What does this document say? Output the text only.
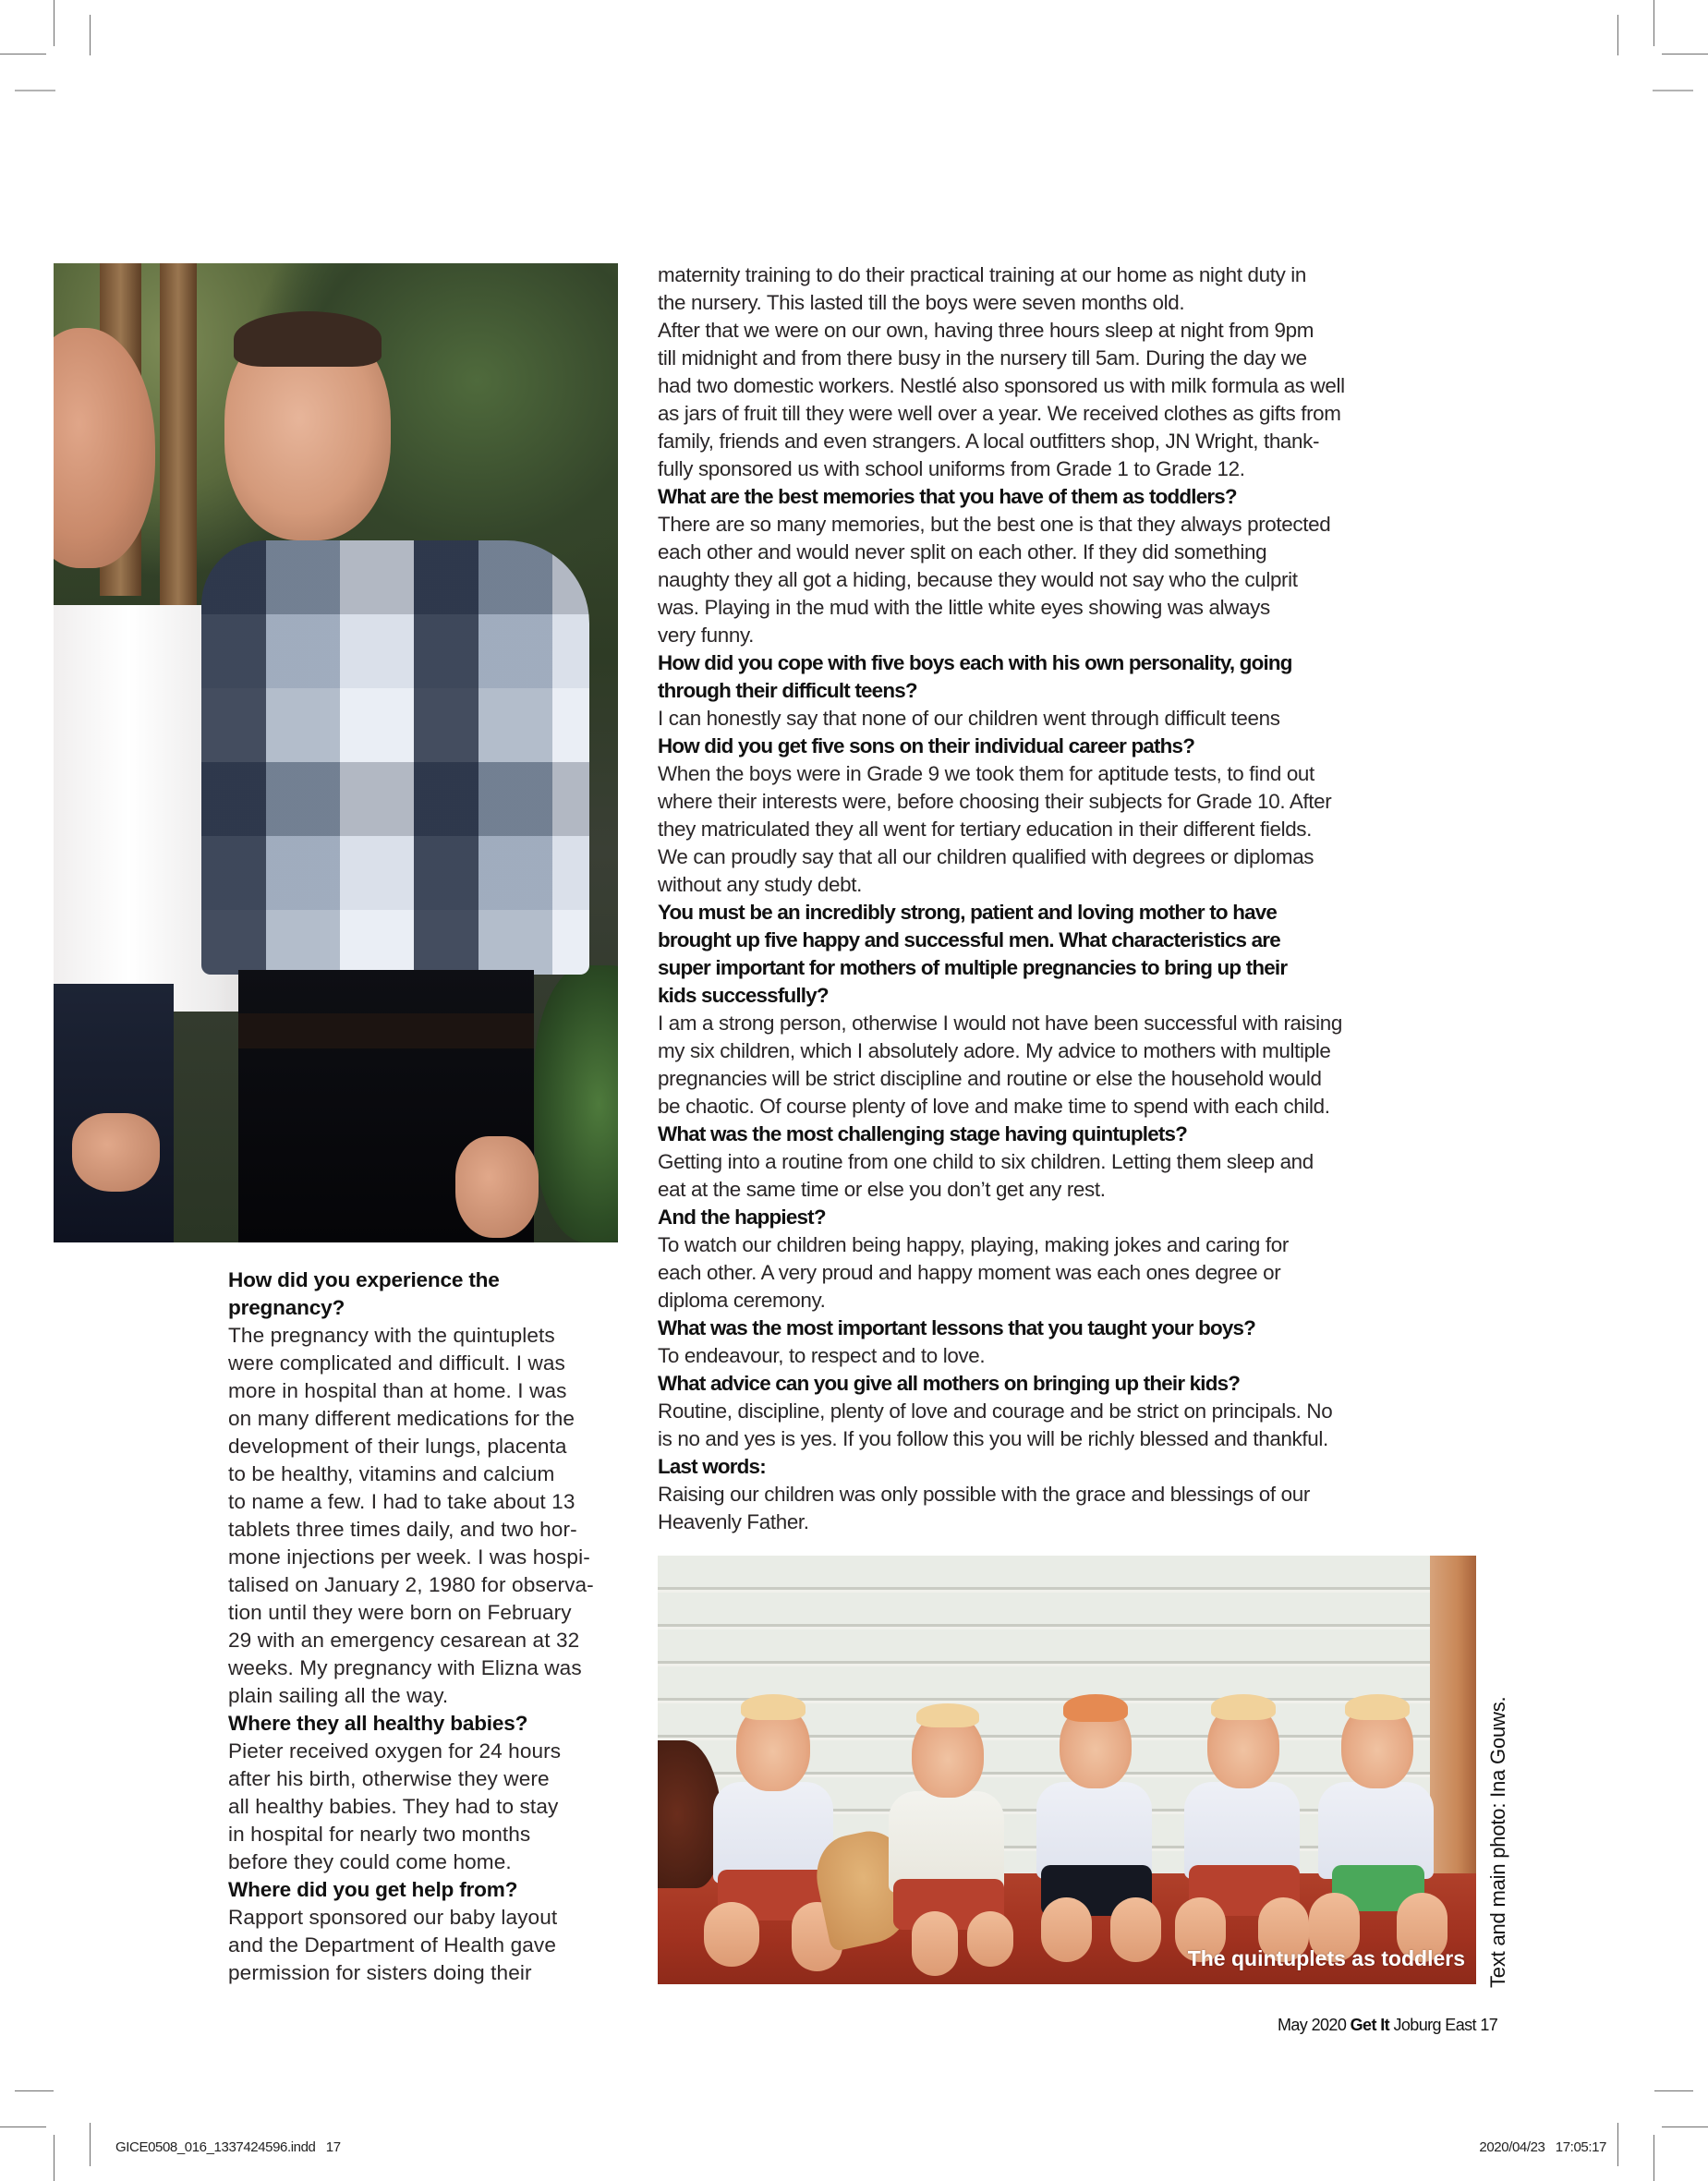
How did you experience the
pregnancy?
The pregnancy with the quintuplets
were complicated and difficult. I was
more in hospital than at home. I was
on many different medications for the
development of their lungs, placenta
to be healthy, vitamins and calcium
to name a few. I had to take about 13
tablets three times daily, and two hor-
mone injections per week. I was hospi-
talised on January 2, 1980 for observa-
tion until they were born on February
29 with an emergency cesarean at 32
weeks. My pregnancy with Elizna was
plain sailing all the way.
Where they all healthy babies?
Pieter received oxygen for 24 hours
after his birth, otherwise they were
all healthy babies. They had to stay
in hospital for nearly two months
before they could come home.
Where did you get help from?
Rapport sponsored our baby layout
and the Department of Health gave
permission for sisters doing their
maternity training to do their practical training at our home as night duty in
the nursery. This lasted till the boys were seven months old.
After that we were on our own, having three hours sleep at night from 9pm
till midnight and from there busy in the nursery till 5am. During the day we
had two domestic workers. Nestlé also sponsored us with milk formula as well
as jars of fruit till they were well over a year. We received clothes as gifts from
family, friends and even strangers. A local outfitters shop, JN Wright, thank-
fully sponsored us with school uniforms from Grade 1 to Grade 12.
What are the best memories that you have of them as toddlers?
There are so many memories, but the best one is that they always protected
each other and would never split on each other. If they did something
naughty they all got a hiding, because they would not say who the culprit
was. Playing in the mud with the little white eyes showing was always
very funny.
How did you cope with five boys each with his own personality, going
through their difficult teens?
I can honestly say that none of our children went through difficult teens
How did you get five sons on their individual career paths?
When the boys were in Grade 9 we took them for aptitude tests, to find out
where their interests were, before choosing their subjects for Grade 10. After
they matriculated they all went for tertiary education in their different fields.
We can proudly say that all our children qualified with degrees or diplomas
without any study debt.
You must be an incredibly strong, patient and loving mother to have
brought up five happy and successful men. What characteristics are
super important for mothers of multiple pregnancies to bring up their
kids successfully?
I am a strong person, otherwise I would not have been successful with raising
my six children, which I absolutely adore. My advice to mothers with multiple
pregnancies will be strict discipline and routine or else the household would
be chaotic. Of course plenty of love and make time to spend with each child.
What was the most challenging stage having quintuplets?
Getting into a routine from one child to six children. Letting them sleep and
eat at the same time or else you don’t get any rest.
And the happiest?
To watch our children being happy, playing, making jokes and caring for
each other. A very proud and happy moment was each ones degree or
diploma ceremony.
What was the most important lessons that you taught your boys?
To endeavour, to respect and to love.
What advice can you give all mothers on bringing up their kids?
Routine, discipline, plenty of love and courage and be strict on principals. No
is no and yes is yes. If you follow this you will be richly blessed and thankful.
Last words:
Raising our children was only possible with the grace and blessings of our
Heavenly Father.
The quintuplets as toddlers Text and main photo: Ina Gouws.
May 2020 Get It Joburg East 17
GICE0508_016_1337424596.indd   17	2020/04/23   17:05:17
